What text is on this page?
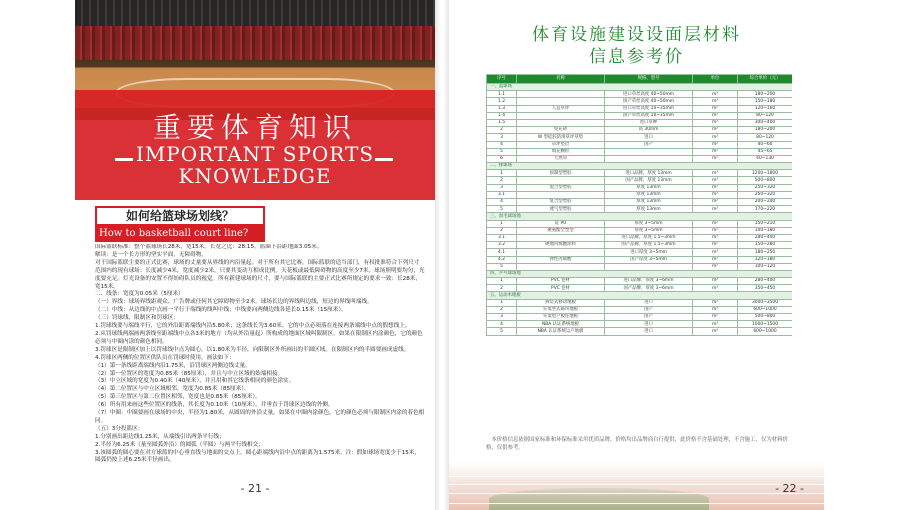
重要体育知识
IMPORTANT SPORTS
KNOWLEDGE
如何给篮球场划线？
How to basketball court line?

国际篮联标准：整个篮球场长28米，宽15米。长宽之比：28:15。篮圈下沿距地面3.05米。

解读：是一个长方形的坚实平面，无障碍物。

对于国际篮联主要的正式比赛，球场的丈量要从界线的内沿量起。对于所有其它比赛，国际篮联的适当部门，有权批准符合下列尺寸范围内的现有球场：长度减少4米，宽度减少2米，只要其变动互相成比例。天花板或最低障碍物的高度至少7米。球场照明要均匀，光度要充足。灯光设备的安置不得妨碍队员的视觉。所有新建球场的尺寸，要与国际篮联的主要正式比赛所规定的要求一致：长28米，宽15米。

二、线条：宽度为0.05米（5厘米）

（一）界线：球场界线距观众、广告牌或任何其它障碍物至少2米。球场长边的界线叫边线，短边的界线叫端线。

（二）中线：从边线的中点画一平行于端线的线叫中线；中线要向两侧边线各延长0.15米（15厘米）。

（三）罚球线、限制区和罚球区：

1.罚球线要与端线平行，它的外沿距离端线内沿5.80米；这条线长为3.60米。它的中点必须落在连接两条端线中点的假想线上。

2.从罚球线两端画两条线至距端线中点各3米的地方（均从外沿量起）所构成的地面区域叫限制区。如果在限制区内涂颜色，它的颜色必须与中圈内涂的颜色相同。

3.罚球区是限制区加上以罚球线中点为圆心，以1.80米为半径，向限制区外所画出的半圆区域。在限制区内的半圆要画成虚线。

4.罚球区两侧的位置区供队员在罚球时使用，画法如下：

（1）第一条线距离端线内沿1.75米，沿罚球区两侧边线丈量。

（2）第一位置区的宽度为0.85米（85厘米），并且与中立区域的始端相接。

（3）中立区域的宽度为0.40米（40厘米），并且用和其它线条相同的颜色涂实。

（4）第二位置区与中立区域相邻，宽度为0.85米（85厘米）。

（5）第三位置区与第二位置区相邻，宽度也是0.85米（85厘米）。

（6）所有用来画这些位置区的线条，其长度为0.10米（10厘米），并垂直于罚球区边线的外侧。

（7）中圈：中圈要画在球场的中央，半径为1.80米，从圆周的外沿丈量。如果在中圈内涂颜色，它的颜色必须与限制区内涂的着色相同。

（五）3分投篮区：

1.分别画出距边线1.25米，从端线引出两条平行线；

2.半径为6.25米（量至圆弧外沿）的圆弧（半圆）与两平行线相交；

3.该圆弧的圆心要在对方球篮的中心垂直线与地面的交点上，圆心距端线内沿中点的距离为1.575米。注：假如球场宽度少于15米，圆弧仍按上述6.25米半径画出。

- 21 -
体育设施建设设面层材料
信息参考价
序号	名称	规格、型号	单位	综合单价（元）
一、篮球场				
1.1		进口草丝高度 40~50mm	m²	180~200
1.2		国产草丝高度 40~50mm	m²	150~180
1.3	人造草坪	进口草丝高度 10~35mm	m²	120~160
1.4		国产草丝高度 10~35mm	m²	80~120
1.5		进口草种	m²	300~400
2	免充砂	高 30mm	m²	180~200
3	W 型硅胶防滑草坪草垫	进口	m²	80~120
4	草坪垫层	国产	m²	40~60
5	填充颗粒		m²	45~65
6	天然草		m²	40~130
二、排球场				
1	预制型塑胶	进口品牌，厚度 13mm	m²	1200~1800
2		国产品牌，厚度 13mm	m²	500~800
3	混合型塑胶	厚度 13mm	m²	250~320
3.1		厚度 13mm	m²	260~320
4	复合型塑胶	厚度 13mm	m²	200~240
5	透气型塑胶	厚度 13mm	m²	170~220
三、羽毛球场地				
1	硅 PU	厚度 3~5mm	m²	150~210
2	聚氨酯全塑型	厚度 3~5mm	m²	140~180
3.1		进口品牌，厚度 1.5~3mm	m²	280~400
3.2	硬地丙烯酸涂料	国产品牌，厚度 1.5~3mm	m²	150~280
4.1		进口厚度 3~5mm	m²	180~250
4.2	弹性丙烯酸	国产厚度 3~5mm	m²	120~180
5			m²	100~120
四、乒乓球场地				
1	PVC 卷材	进口品牌，厚度 3~6mm	m²	280~400
2	PVC 卷材	国产品牌，厚度 3~6mm	m²	350~450
五、运动木地板				
1	拆装式移动地板	进口	m²	3000~3500
2	实低坐式砾块地板	国产	m²	600~1000
3	实低垫户板连地板	国产	m²	500~800
4	NBA 认证系统地板	进口	m²	1000~1500
5	NBA 认证系统运户地板	进口	m²	600~1000
本价格信息依据国家标准和环保标准采用优质品牌，价格均出品牌商自行提供，此价格不含基础处理，不含施工，仅为材料价格，仅供参考。
- 22 -
